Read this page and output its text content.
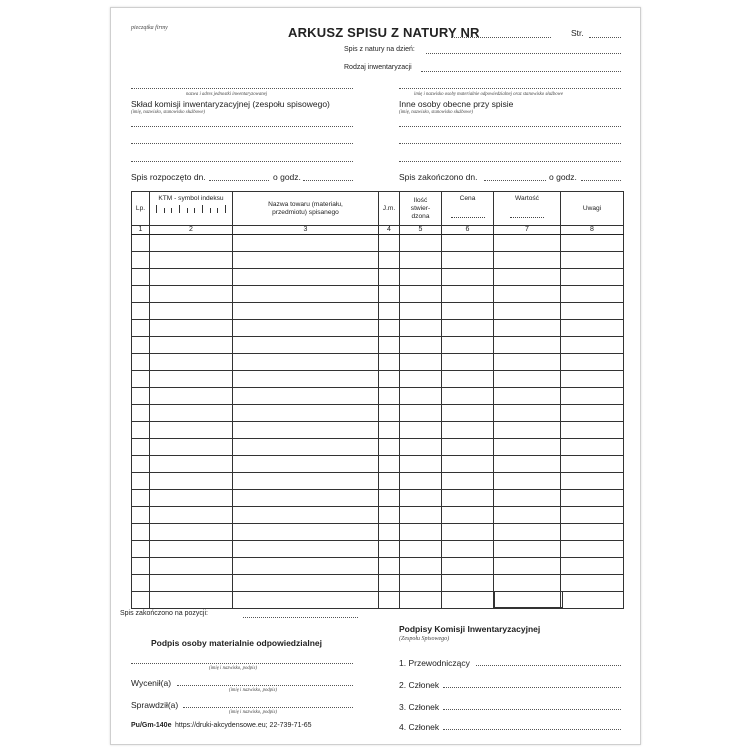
pieczątka firmy	ARKUSZ SPISU Z NATURY NR	Str.
Spis z natury na dzień:
Rodzaj inwentaryzacji
nazwa i adres jednostki inwentaryzowanej
Skład komisji inwentaryzacyjnej (zespołu spisowego)
(imię, nazwisko, stanowisko służbowe)
Spis rozpoczęto dn.	o godz.
imię i nazwisko osoby materialnie odpowiedzialnej oraz stanowisko służbowe
Inne osoby obecne przy spisie
(imię, nazwisko, stanowisko służbowe)
Spis zakończono dn.	o godz.
Lp.	KTM - symbol indeksu	Nazwa towaru (materiału, przedmiotu) spisanego	J.m.	Ilość stwier-dzona	Cena	Wartość	Uwagi
1	2	3	4	5	6	7	8

Spis zakończono na pozycji:
Podpis osoby materialnie odpowiedzialnej
(imię i nazwisko, podpis)
Wycenił(a)
(imię i nazwisko, podpis)
Sprawdził(a)
(imię i nazwisko, podpis)
Pu/Gm-140e https://druki-akcydensowe.eu; 22-739-71-65
Podpisy Komisji Inwentaryzacyjnej
(Zespołu Spisowego)
1. Przewodniczący
2. Członek
3. Członek
4. Członek
